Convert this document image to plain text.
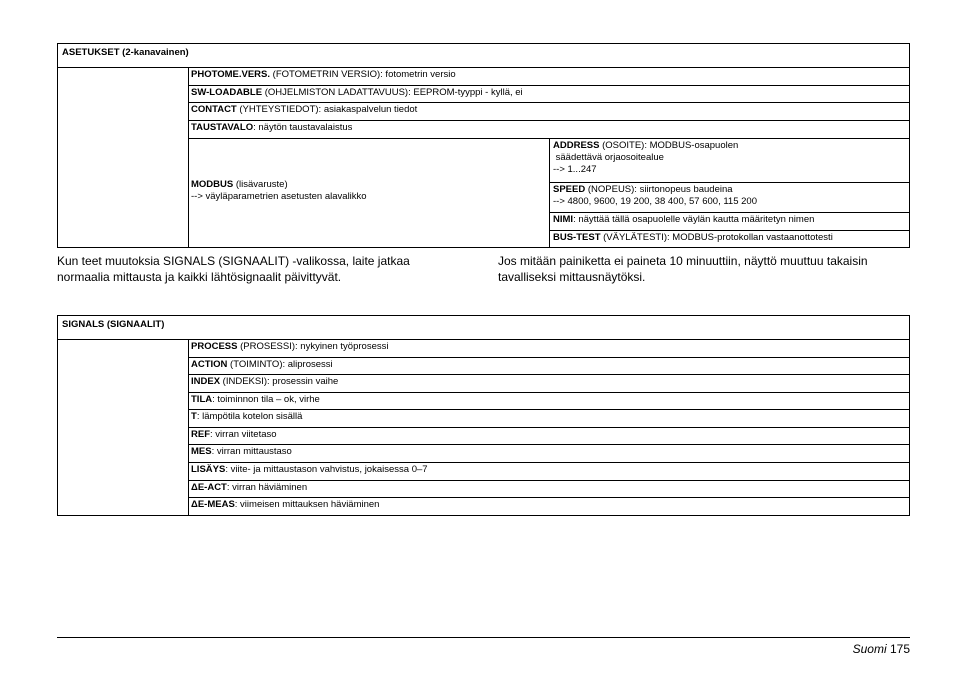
ASETUKSET (2-kanavainen)
PHOTOME.VERS. (FOTOMETRIN VERSIO): fotometrin versio
SW-LOADABLE (OHJELMISTON LADATTAVUUS): EEPROM-tyyppi - kyllä, ei
CONTACT (YHTEYSTIEDOT): asiakaspalvelun tiedot
TAUSTAVALO: näytön taustavalaistus
MODBUS (lisävaruste)
--> väyläparametrien asetusten alavalikko
ADDRESS (OSOITE): MODBUS-osapuolen
säädettävä orjaosoitealue
--> 1...247
SPEED (NOPEUS): siirtonopeus baudeina
--> 4800, 9600, 19 200, 38 400, 57 600, 115 200
NIMI: näyttää tällä osapuolelle väylän kautta määritetyn nimen
BUS-TEST (VÄYLÄTESTI): MODBUS-protokollan vastaanottotesti
Kun teet muutoksia SIGNALS (SIGNAALIT) -valikossa, laite jatkaa normaalia mittausta ja kaikki lähtösignaalit päivittyvät.
Jos mitään painiketta ei paineta 10 minuuttiin, näyttö muuttuu takaisin tavalliseksi mittausnäytöksi.
SIGNALS (SIGNAALIT)
PROCESS (PROSESSI): nykyinen työprosessi
ACTION (TOIMINTO): aliprosessi
INDEX (INDEKSI): prosessin vaihe
TILA: toiminnon tila – ok, virhe
T: lämpötila kotelon sisällä
REF: virran viitetaso
MES: virran mittaustaso
LISÄYS: viite- ja mittaustason vahvistus, jokaisessa 0–7
ΔE-ACT: virran häviäminen
ΔE-MEAS: viimeisen mittauksen häviäminen
Suomi 175
